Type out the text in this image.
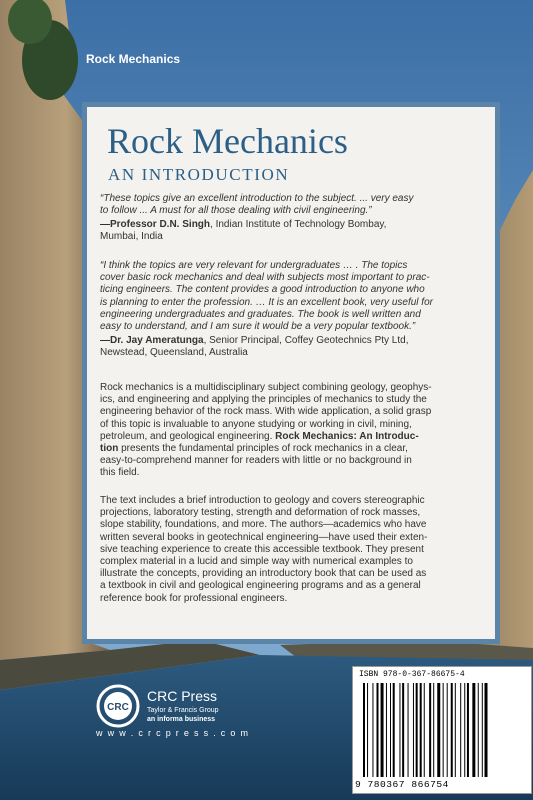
Rock Mechanics
Rock Mechanics
AN INTRODUCTION
“These topics give an excellent introduction to the subject. ... very easy
to follow ... A must for all those dealing with civil engineering.”
—Professor D.N. Singh, Indian Institute of Technology Bombay,
Mumbai, India
“I think the topics are very relevant for undergraduates … . The topics
cover basic rock mechanics and deal with subjects most important to prac-
ticing engineers. The content provides a good introduction to anyone who
is planning to enter the profession. … It is an excellent book, very useful for
engineering undergraduates and graduates. The book is well written and
easy to understand, and I am sure it would be a very popular textbook.”
—Dr. Jay Ameratunga, Senior Principal, Coffey Geotechnics Pty Ltd,
Newstead, Queensland, Australia
Rock mechanics is a multidisciplinary subject combining geology, geophys-
ics, and engineering and applying the principles of mechanics to study the
engineering behavior of the rock mass. With wide application, a solid grasp
of this topic is invaluable to anyone studying or working in civil, mining,
petroleum, and geological engineering. Rock Mechanics: An Introduc-
tion presents the fundamental principles of rock mechanics in a clear,
easy-to-comprehend manner for readers with little or no background in
this field.
The text includes a brief introduction to geology and covers stereographic
projections, laboratory testing, strength and deformation of rock masses,
slope stability, foundations, and more. The authors—academics who have
written several books in geotechnical engineering—have used their exten-
sive teaching experience to create this accessible textbook. They present
complex material in a lucid and simple way with numerical examples to
illustrate the concepts, providing an introductory book that can be used as
a textbook in civil and geological engineering programs and as a general
reference book for professional engineers.
CRC
CRC Press
Taylor & Francis Group
an informa business
w w w . c r c p r e s s . c o m
ISBN 978-0-367-86675-4
9 780367 866754
